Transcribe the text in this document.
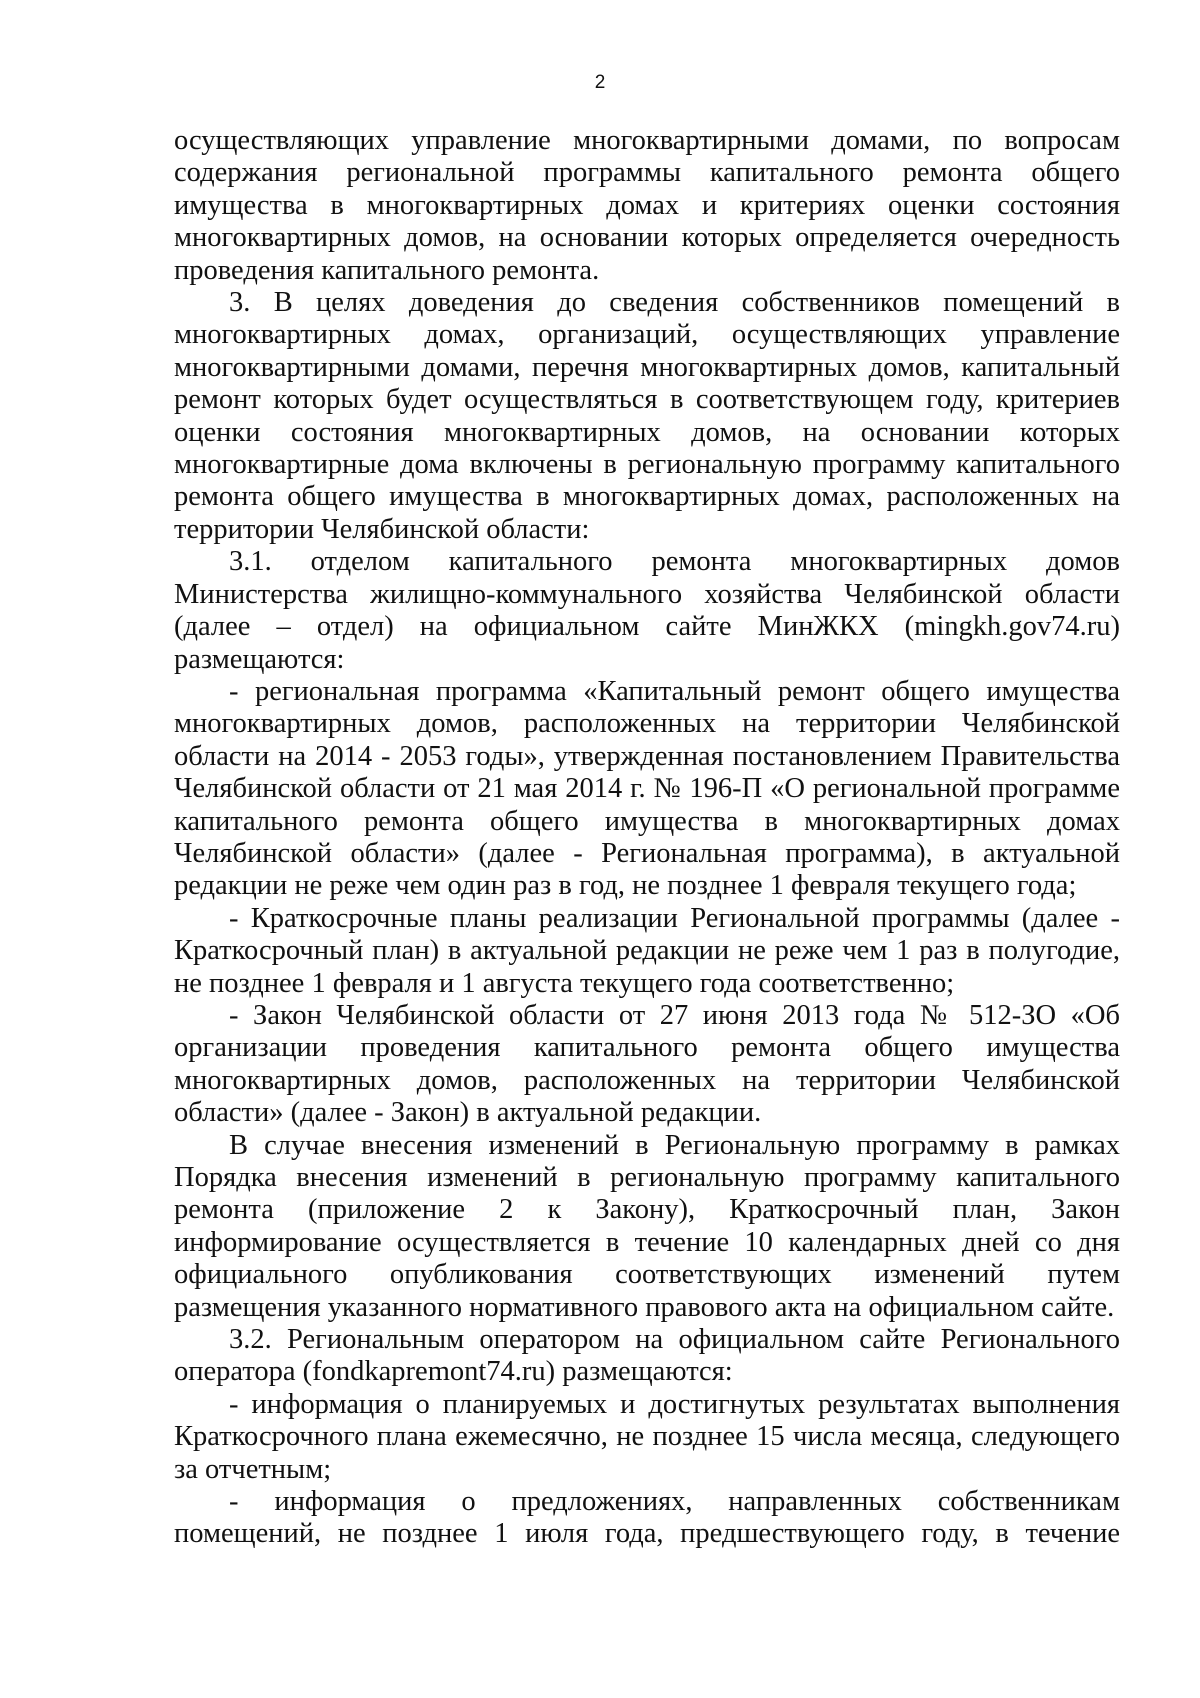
2

осуществляющих управление многоквартирными домами, по вопросам содержания региональной программы капитального ремонта общего имущества в многоквартирных домах и критериях оценки состояния многоквартирных домов, на основании которых определяется очередность проведения капитального ремонта.

3. В целях доведения до сведения собственников помещений в многоквартирных домах, организаций, осуществляющих управление многоквартирными домами, перечня многоквартирных домов, капитальный ремонт которых будет осуществляться в соответствующем году, критериев оценки состояния многоквартирных домов, на основании которых многоквартирные дома включены в региональную программу капитального ремонта общего имущества в многоквартирных домах, расположенных на территории Челябинской области:

3.1. отделом капитального ремонта многоквартирных домов Министерства жилищно-коммунального хозяйства Челябинской области (далее – отдел) на официальном сайте МинЖКХ (mingkh.gov74.ru) размещаются:

- региональная программа «Капитальный ремонт общего имущества многоквартирных домов, расположенных на территории Челябинской области на 2014 - 2053 годы», утвержденная постановлением Правительства Челябинской области от 21 мая 2014 г. № 196-П «О региональной программе капитального ремонта общего имущества в многоквартирных домах Челябинской области» (далее - Региональная программа), в актуальной редакции не реже чем один раз в год, не позднее 1 февраля текущего года;

- Краткосрочные планы реализации Региональной программы (далее - Краткосрочный план) в актуальной редакции не реже чем 1 раз в полугодие, не позднее 1 февраля и 1 августа текущего года соответственно;

- Закон Челябинской области от 27 июня 2013 года № 512-ЗО «Об организации проведения капитального ремонта общего имущества многоквартирных домов, расположенных на территории Челябинской области» (далее - Закон) в актуальной редакции.

В случае внесения изменений в Региональную программу в рамках Порядка внесения изменений в региональную программу капитального ремонта (приложение 2 к Закону), Краткосрочный план, Закон информирование осуществляется в течение 10 календарных дней со дня официального опубликования соответствующих изменений путем размещения указанного нормативного правового акта на официальном сайте.

3.2. Региональным оператором на официальном сайте Регионального оператора (fondkapremont74.ru) размещаются:

- информация о планируемых и достигнутых результатах выполнения Краткосрочного плана ежемесячно, не позднее 15 числа месяца, следующего за отчетным;

- информация о предложениях, направленных собственникам помещений, не позднее 1 июля года, предшествующего году, в течение
